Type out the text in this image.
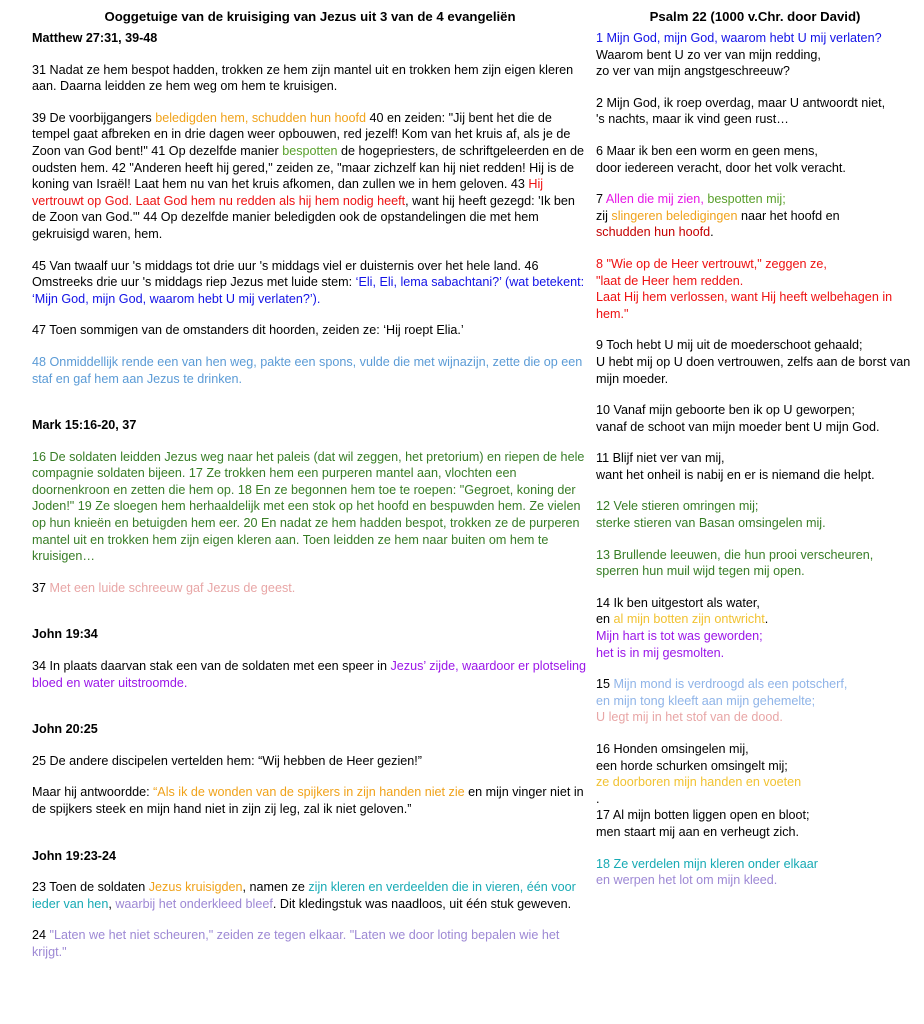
Ooggetuige van de kruisiging van Jezus uit 3 van de 4 evangeliën
Matthew 27:31, 39-48

31 Nadat ze hem bespot hadden, trokken ze hem zijn mantel uit en trokken hem zijn eigen kleren aan. Daarna leidden ze hem weg om hem te kruisigen.

39 De voorbijgangers beledigden hem, schudden hun hoofd 40 en zeiden: "Jij bent het die de tempel gaat afbreken en in drie dagen weer opbouwen, red jezelf! Kom van het kruis af, als je de Zoon van God bent!" 41 Op dezelfde manier bespotten de hogepriesters, de schriftgeleerden en de oudsten hem. 42 "Anderen heeft hij gered," zeiden ze, "maar zichzelf kan hij niet redden! Hij is de koning van Israël! Laat hem nu van het kruis afkomen, dan zullen we in hem geloven. 43 Hij vertrouwt op God. Laat God hem nu redden als hij hem nodig heeft, want hij heeft gezegd: 'Ik ben de Zoon van God.'" 44 Op dezelfde manier beledigden ook de opstandelingen die met hem gekruisigd waren, hem.

45 Van twaalf uur 's middags tot drie uur 's middags viel er duisternis over het hele land. 46 Omstreeks drie uur 's middags riep Jezus met luide stem: ‘Eli, Eli, lema sabachtani?’ (wat betekent: ‘Mijn God, mijn God, waarom hebt U mij verlaten?’).

47 Toen sommigen van de omstanders dit hoorden, zeiden ze: ‘Hij roept Elia.’

48 Onmiddellijk rende een van hen weg, pakte een spons, vulde die met wijnazijn, zette die op een staf en gaf hem aan Jezus te drinken.

Mark 15:16-20, 37

16 De soldaten leidden Jezus weg naar het paleis (dat wil zeggen, het pretorium) en riepen de hele compagnie soldaten bijeen. 17 Ze trokken hem een purperen mantel aan, vlochten een doornenkroon en zetten die hem op. 18 En ze begonnen hem toe te roepen: "Gegroet, koning der Joden!" 19 Ze sloegen hem herhaaldelijk met een stok op het hoofd en bespuwden hem. Ze vielen op hun knieën en betuigden hem eer. 20 En nadat ze hem hadden bespot, trokken ze de purperen mantel uit en trokken hem zijn eigen kleren aan. Toen leidden ze hem naar buiten om hem te kruisigen…

37 Met een luide schreeuw gaf Jezus de geest.

John 19:34

34 In plaats daarvan stak een van de soldaten met een speer in Jezus’ zijde, waardoor er plotseling bloed en water uitstroomde.

John 20:25

25 De andere discipelen vertelden hem: “Wij hebben de Heer gezien!”

Maar hij antwoordde: “Als ik de wonden van de spijkers in zijn handen niet zie en mijn vinger niet in de spijkers steek en mijn hand niet in zijn zij leg, zal ik niet geloven.”

John 19:23-24

23 Toen de soldaten Jezus kruisigden, namen ze zijn kleren en verdeelden die in vieren, één voor ieder van hen, waarbij het onderkleed bleef. Dit kledingstuk was naadloos, uit één stuk geweven.

24 "Laten we het niet scheuren," zeiden ze tegen elkaar. "Laten we door loting bepalen wie het krijgt."

Psalm 22 (1000 v.Chr. door David)

1 Mijn God, mijn God, waarom hebt U mij verlaten?
Waarom bent U zo ver van mijn redding,
zo ver van mijn angstgeschreeuw?

2 Mijn God, ik roep overdag, maar U antwoordt niet,
's nachts, maar ik vind geen rust…

6 Maar ik ben een worm en geen mens,
door iedereen veracht, door het volk veracht.

7 Allen die mij zien, bespotten mij;
zij slingeren beledigingen naar het hoofd en
schudden hun hoofd.

8 "Wie op de Heer vertrouwt," zeggen ze,
"laat de Heer hem redden.
Laat Hij hem verlossen, want Hij heeft welbehagen in hem."

9 Toch hebt U mij uit de moederschoot gehaald;
U hebt mij op U doen vertrouwen, zelfs aan de borst van mijn moeder.

10 Vanaf mijn geboorte ben ik op U geworpen;
vanaf de schoot van mijn moeder bent U mijn God.

11 Blijf niet ver van mij,
want het onheil is nabij en er is niemand die helpt.

12 Vele stieren omringen mij;
sterke stieren van Basan omsingelen mij.

13 Brullende leeuwen, die hun prooi verscheuren,
sperren hun muil wijd tegen mij open.

14 Ik ben uitgestort als water,
en al mijn botten zijn ontwricht.
Mijn hart is tot was geworden;
het is in mij gesmolten.

15 Mijn mond is verdroogd als een potscherf,
en mijn tong kleeft aan mijn gehemelte;
U legt mij in het stof van de dood.

16 Honden omsingelen mij,
een horde schurken omsingelt mij;
ze doorboren mijn handen en voeten
.
17 Al mijn botten liggen open en bloot;
men staart mij aan en verheugt zich.

18 Ze verdelen mijn kleren onder elkaar
en werpen het lot om mijn kleed.
